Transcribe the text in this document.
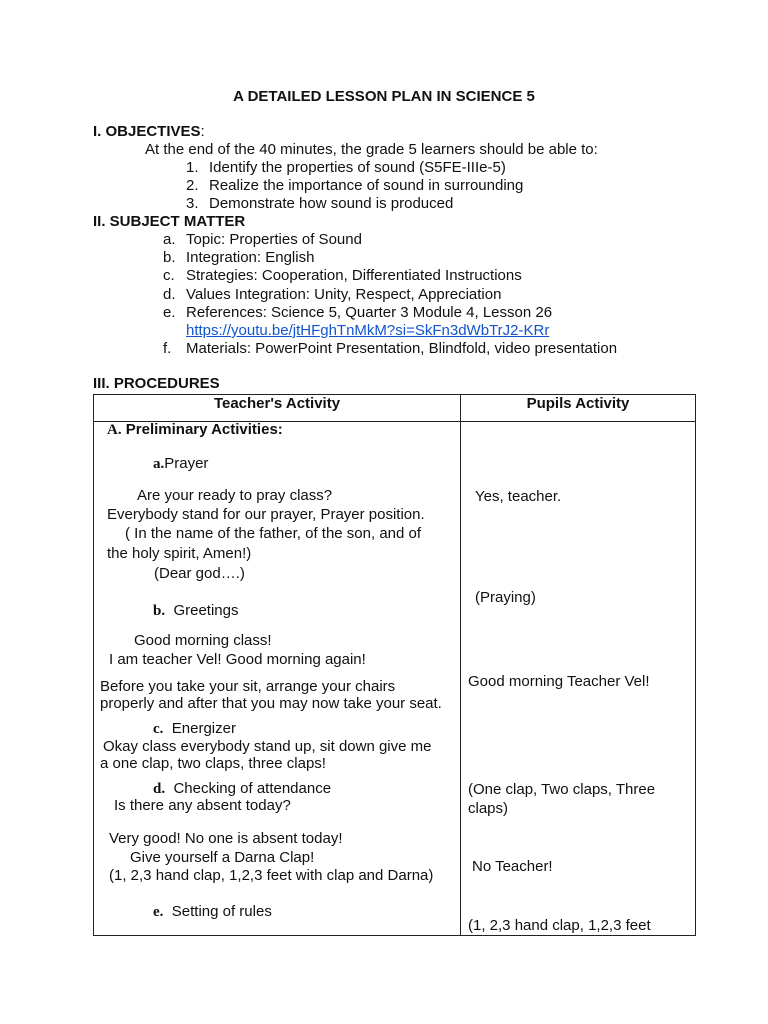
A DETAILED LESSON PLAN IN SCIENCE 5
I. OBJECTIVES:
At the end of the 40 minutes, the grade 5 learners should be able to:
1. Identify the properties of sound (S5FE-IIIe-5)
2. Realize the importance of sound in surrounding
3. Demonstrate how sound is produced
II. SUBJECT MATTER
a. Topic: Properties of Sound
b. Integration: English
c. Strategies: Cooperation, Differentiated Instructions
d. Values Integration: Unity, Respect, Appreciation
e. References: Science 5, Quarter 3 Module 4, Lesson 26
https://youtu.be/jtHFghTnMkM?si=SkFn3dWbTrJ2-KRr
f. Materials: PowerPoint Presentation, Blindfold, video presentation
III. PROCEDURES
Teacher's Activity	Pupils Activity
A. Preliminary Activities:
a.Prayer
Are your ready to pray class?
Everybody stand for our prayer, Prayer position.
( In the name of the father, of the son, and of
the holy spirit, Amen!)
(Dear god….)
b. Greetings
Good morning class!
I am teacher Vel! Good morning again!
Before you take your sit, arrange your chairs
properly and after that you may now take your seat.
c. Energizer
Okay class everybody stand up, sit down give me
a one clap, two claps, three claps!
d. Checking of attendance
Is there any absent today?
Very good! No one is absent today!
Give yourself a Darna Clap!
(1, 2,3 hand clap, 1,2,3 feet with clap and Darna)
e. Setting of rules
Yes, teacher.
(Praying)
Good morning Teacher Vel!
(One clap, Two claps, Three
claps)
No Teacher!
(1, 2,3 hand clap, 1,2,3 feet
